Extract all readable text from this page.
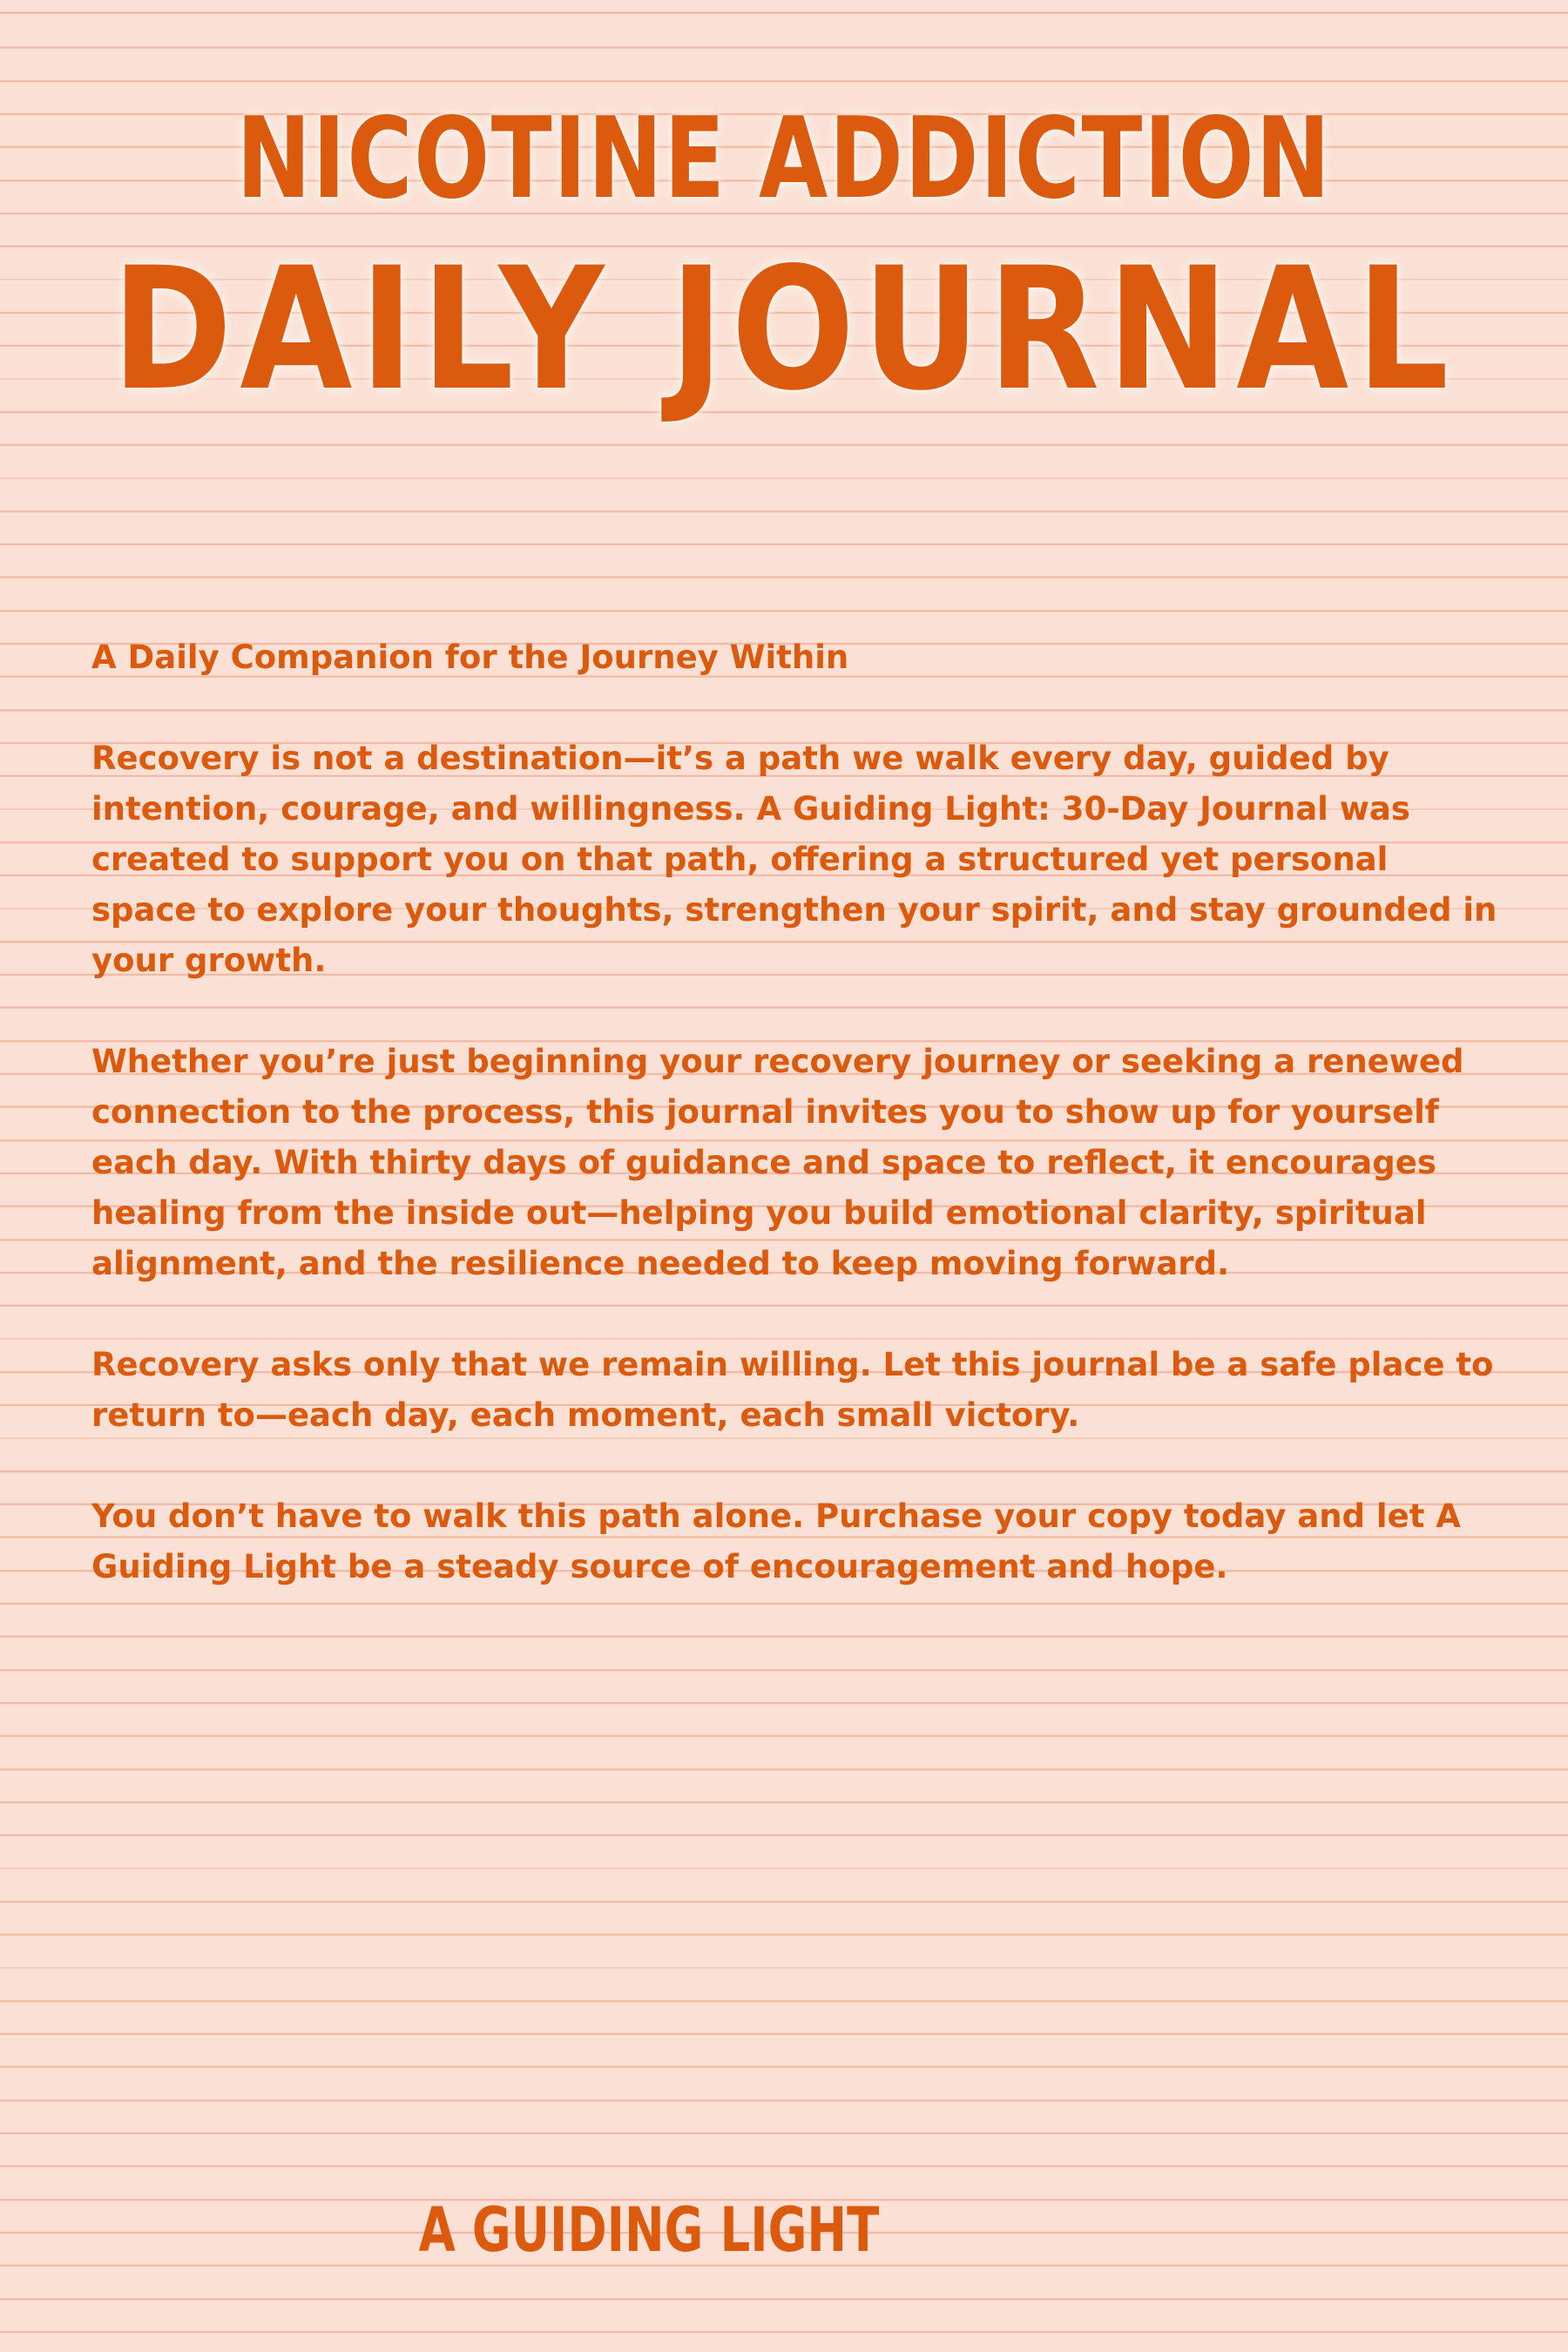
NICOTINE ADDICTION
DAILY JOURNAL

A Daily Companion for the Journey Within

Recovery is not a destination—it’s a path we walk every day, guided by intention, courage, and willingness. A Guiding Light: 30-Day Journal was created to support you on that path, offering a structured yet personal space to explore your thoughts, strengthen your spirit, and stay grounded in your growth.

Whether you’re just beginning your recovery journey or seeking a renewed connection to the process, this journal invites you to show up for yourself each day. With thirty days of guidance and space to reflect, it encourages healing from the inside out—helping you build emotional clarity, spiritual alignment, and the resilience needed to keep moving forward.

Recovery asks only that we remain willing. Let this journal be a safe place to return to—each day, each moment, each small victory.

You don’t have to walk this path alone. Purchase your copy today and let A Guiding Light be a steady source of encouragement and hope.

A GUIDING LIGHT
